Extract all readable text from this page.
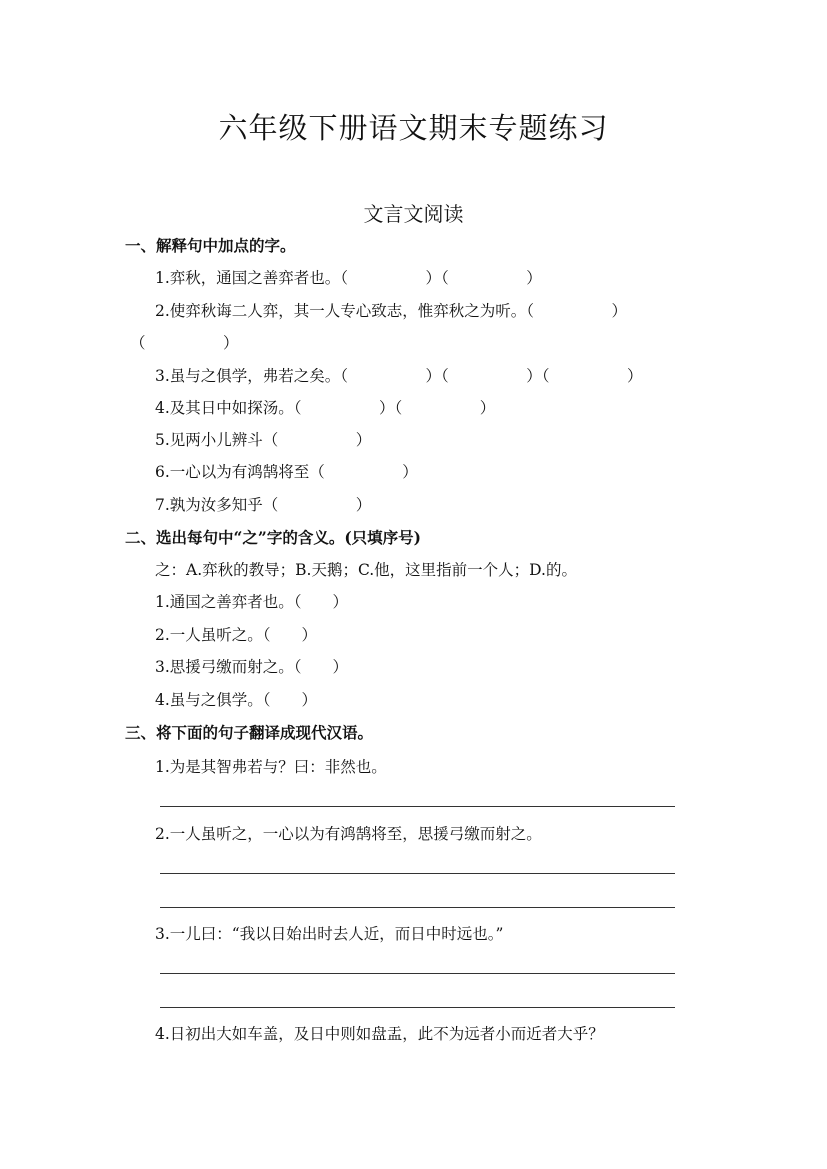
六年级下册语文期末专题练习
文言文阅读
一、解释句中加点的字。
1.弈秋，通国之善弈者也。（　　　　　）（　　　　　）
2.使弈秋诲二人弈，其一人专心致志，惟弈秋之为听。（　　　　　）
（　　　　　）
3.虽与之俱学，弗若之矣。（　　　　　）（　　　　　）（　　　　　）
4.及其日中如探汤。（　　　　　）（　　　　　）
5.见两小儿辨斗（　　　　　）
6.一心以为有鸿鹄将至（　　　　　）
7.孰为汝多知乎（　　　　　）
二、选出每句中“之”字的含义。(只填序号)
之：A.弈秋的教导；B.天鹅；C.他，这里指前一个人；D.的。
1.通国之善弈者也。（　　）
2.一人虽听之。（　　）
3.思援弓缴而射之。（　　）
4.虽与之俱学。（　　）
三、将下面的句子翻译成现代汉语。
1.为是其智弗若与？曰：非然也。
2.一人虽听之，一心以为有鸿鹄将至，思援弓缴而射之。
3.一儿曰：“我以日始出时去人近，而日中时远也。”
4.日初出大如车盖，及日中则如盘盂，此不为远者小而近者大乎？
